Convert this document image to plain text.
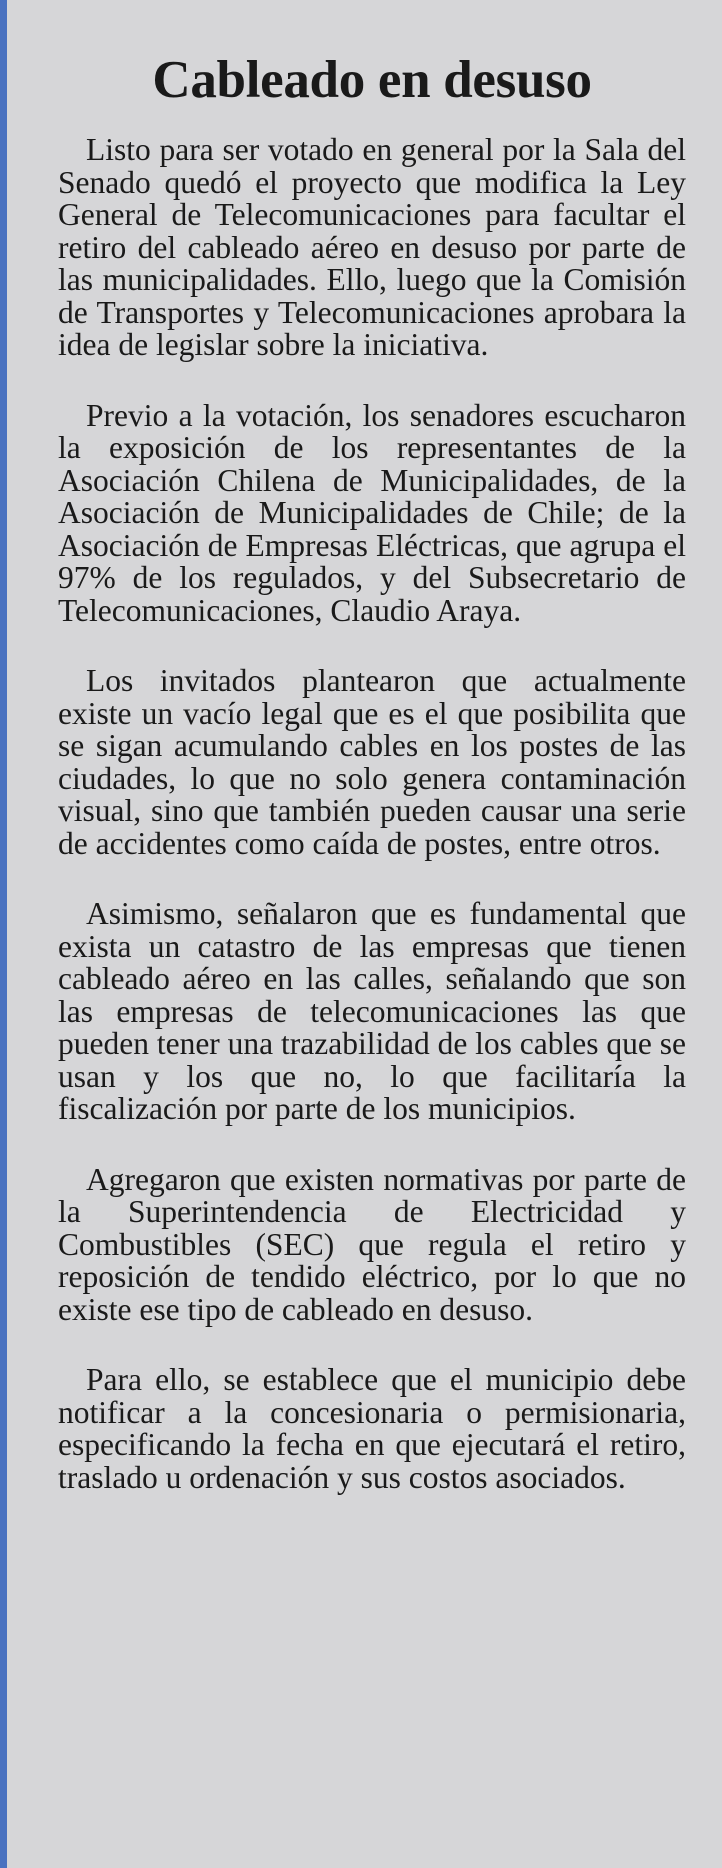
Cableado en desuso

Listo para ser votado en general por la Sala del Senado quedó el proyecto que modifica la Ley General de Telecomunicaciones para facultar el retiro del cableado aéreo en desuso por parte de las municipalidades. Ello, luego que la Comisión de Transportes y Telecomunicaciones aprobara la idea de legislar sobre la iniciativa.

Previo a la votación, los senadores escucharon la exposición de los representantes de la Asociación Chilena de Municipalidades, de la Asociación de Municipalidades de Chile; de la Asociación de Empresas Eléctricas, que agrupa el 97% de los regulados, y del Subsecretario de Telecomunicaciones, Claudio Araya.

Los invitados plantearon que actualmente existe un vacío legal que es el que posibilita que se sigan acumulando cables en los postes de las ciudades, lo que no solo genera contaminación visual, sino que también pueden causar una serie de accidentes como caída de postes, entre otros.

Asimismo, señalaron que es fundamental que exista un catastro de las empresas que tienen cableado aéreo en las calles, señalando que son las empresas de telecomunicaciones las que pueden tener una trazabilidad de los cables que se usan y los que no, lo que facilitaría la fiscalización por parte de los municipios.

Agregaron que existen normativas por parte de la Superintendencia de Electricidad y Combustibles (SEC) que regula el retiro y reposición de tendido eléctrico, por lo que no existe ese tipo de cableado en desuso.

Para ello, se establece que el municipio debe notificar a la concesionaria o permisionaria, especificando la fecha en que ejecutará el retiro, traslado u ordenación y sus costos asociados.
